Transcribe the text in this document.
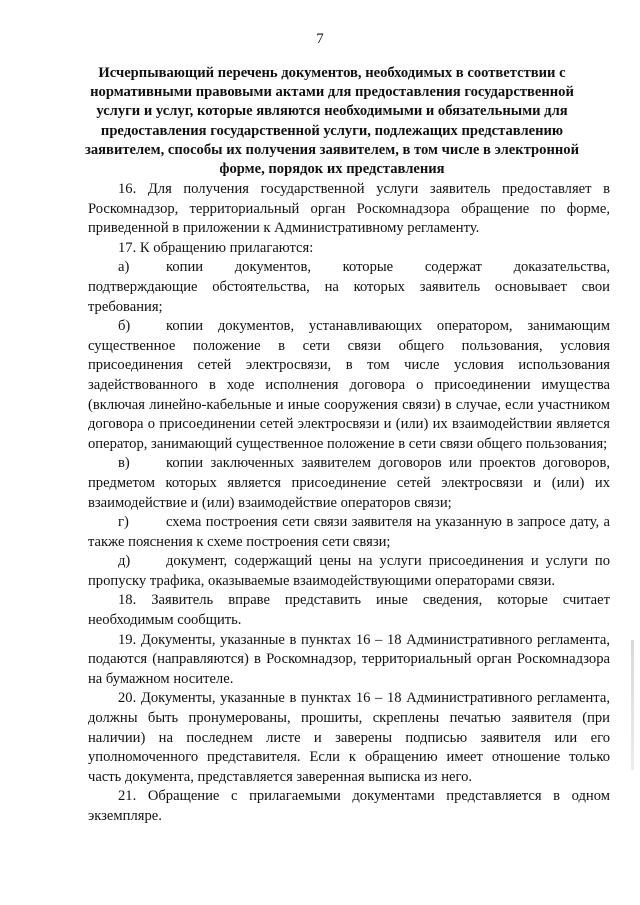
7
Исчерпывающий перечень документов, необходимых в соответствии с
нормативными правовыми актами для предоставления государственной
услуги и услуг, которые являются необходимыми и обязательными для
предоставления государственной услуги, подлежащих представлению
заявителем, способы их получения заявителем, в том числе в электронной
форме, порядок их представления

16. Для получения государственной услуги заявитель предоставляет в Роскомнадзор, территориальный орган Роскомнадзора обращение по форме, приведенной в приложении к Административному регламенту.

17. К обращению прилагаются:

а)	копии документов, которые содержат доказательства, подтверждающие обстоятельства, на которых заявитель основывает свои требования;

б) копии документов, устанавливающих оператором, занимающим существенное положение в сети связи общего пользования, условия присоединения сетей электросвязи, в том числе условия использования задействованного в ходе исполнения договора о присоединении имущества (включая линейно-кабельные и иные сооружения связи) в случае, если участником договора о присоединении сетей электросвязи и (или) их взаимодействии является оператор, занимающий существенное положение в сети связи общего пользования;

в) копии заключенных заявителем договоров или проектов договоров, предметом которых является присоединение сетей электросвязи и (или) их взаимодействие и (или) взаимодействие операторов связи;

г)	схема построения сети связи заявителя на указанную в запросе дату, а также пояснения к схеме построения сети связи;

д) документ, содержащий цены на услуги присоединения и услуги по пропуску трафика, оказываемые взаимодействующими операторами связи.

18. Заявитель вправе представить иные сведения, которые считает необходимым сообщить.

19. Документы, указанные в пунктах 16 – 18 Административного регламента, подаются (направляются) в Роскомнадзор, территориальный орган Роскомнадзора на бумажном носителе.

20. Документы, указанные в пунктах 16 – 18 Административного регламента, должны быть пронумерованы, прошиты, скреплены печатью заявителя (при наличии) на последнем листе и заверены подписью заявителя или его уполномоченного представителя. Если к обращению имеет отношение только часть документа, представляется заверенная выписка из него.

21. Обращение с прилагаемыми документами представляется в одном экземпляре.
